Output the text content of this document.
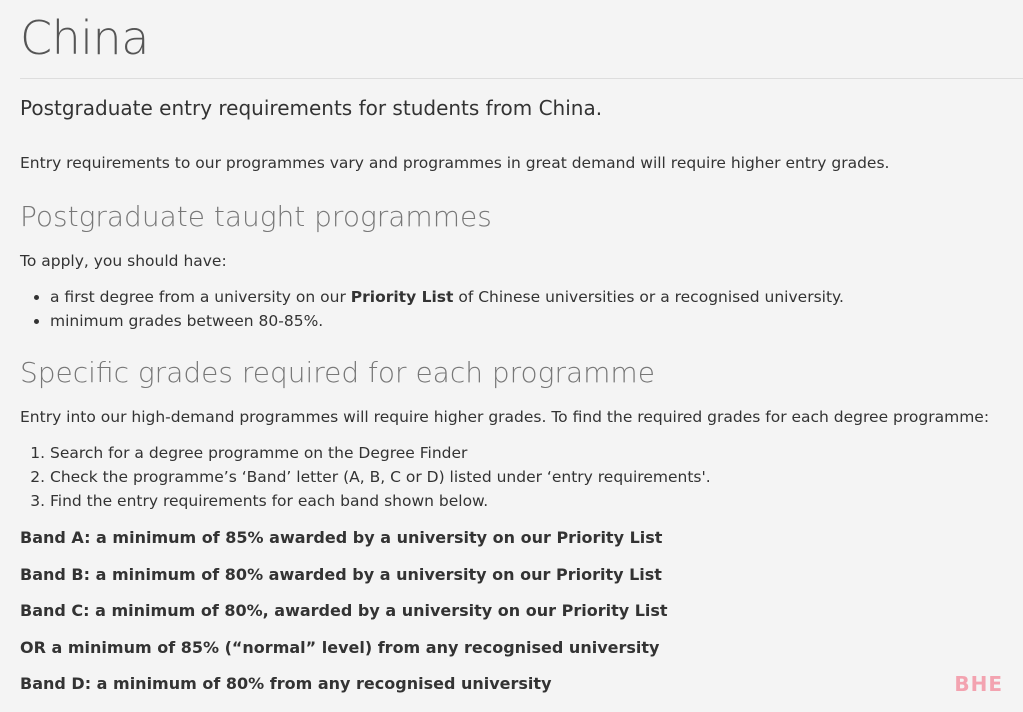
China

Postgraduate entry requirements for students from China.

Entry requirements to our programmes vary and programmes in great demand will require higher entry grades.

Postgraduate taught programmes

To apply, you should have:

• a first degree from a university on our Priority List of Chinese universities or a recognised university.
• minimum grades between 80-85%.
Specific grades required for each programme

Entry into our high-demand programmes will require higher grades. To find the required grades for each degree programme:

1. Search for a degree programme on the Degree Finder
2. Check the programme’s ‘Band’ letter (A, B, C or D) listed under ‘entry requirements'.
3. Find the entry requirements for each band shown below.

Band A: a minimum of 85% awarded by a university on our Priority List

Band B: a minimum of 80% awarded by a university on our Priority List

Band C: a minimum of 80%, awarded by a university on our Priority List

OR a minimum of 85% (“normal” level) from any recognised university

Band D: a minimum of 80% from any recognised university	BHE
